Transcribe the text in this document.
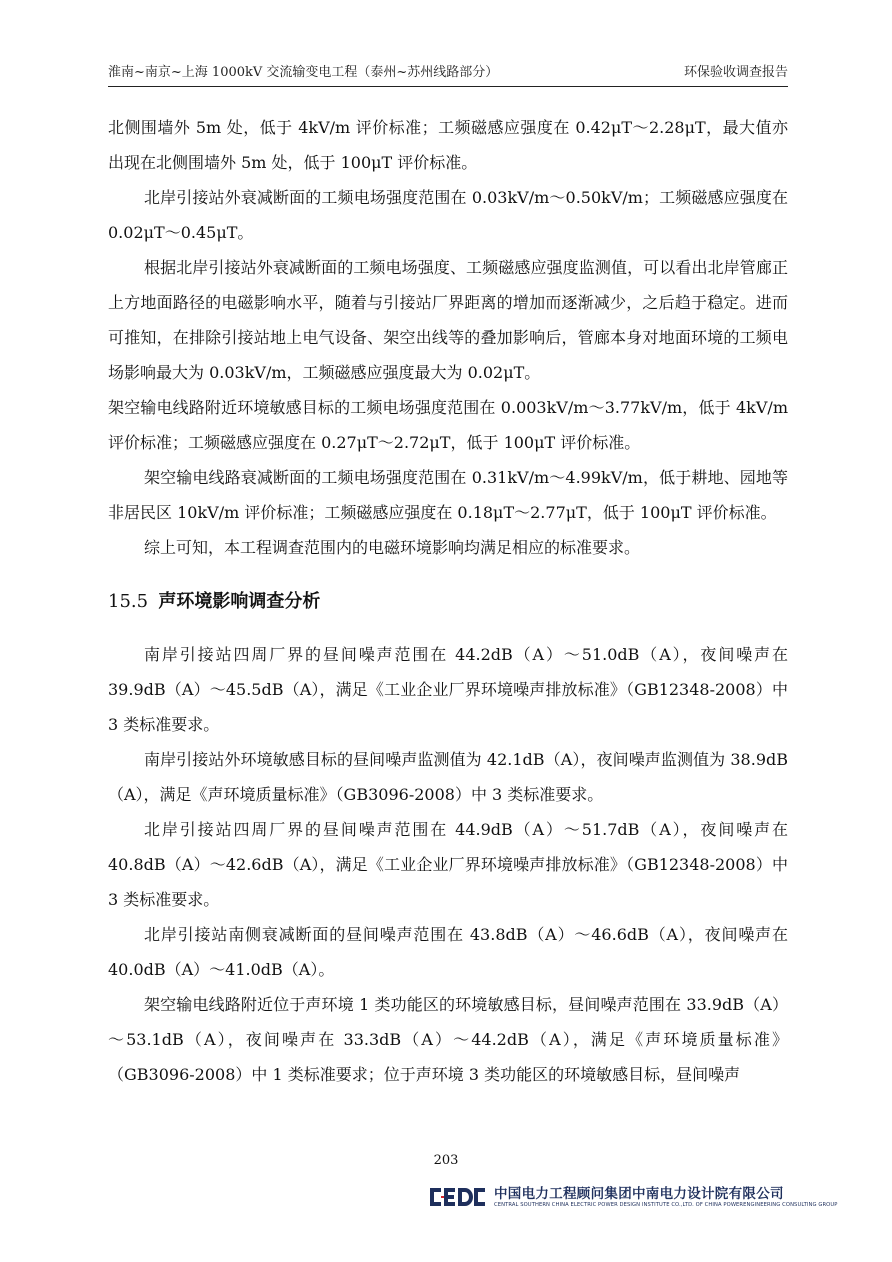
淮南~南京~上海 1000kV 交流输变电工程（泰州~苏州线路部分）	环保验收调查报告

北侧围墙外 5m 处，低于 4kV/m 评价标准；工频磁感应强度在 0.42μT～2.28μT，最大值亦出现在北侧围墙外 5m 处，低于 100μT 评价标准。

北岸引接站外衰减断面的工频电场强度范围在 0.03kV/m～0.50kV/m；工频磁感应强度在 0.02μT～0.45μT。

根据北岸引接站外衰减断面的工频电场强度、工频磁感应强度监测值，可以看出北岸管廊正上方地面路径的电磁影响水平，随着与引接站厂界距离的增加而逐渐减少，之后趋于稳定。进而可推知，在排除引接站地上电气设备、架空出线等的叠加影响后，管廊本身对地面环境的工频电场影响最大为 0.03kV/m，工频磁感应强度最大为 0.02μT。

架空输电线路附近环境敏感目标的工频电场强度范围在 0.003kV/m～3.77kV/m，低于 4kV/m 评价标准；工频磁感应强度在 0.27μT～2.72μT，低于 100μT 评价标准。

架空输电线路衰减断面的工频电场强度范围在 0.31kV/m～4.99kV/m，低于耕地、园地等非居民区 10kV/m 评价标准；工频磁感应强度在 0.18μT～2.77μT，低于 100μT 评价标准。

综上可知，本工程调查范围内的电磁环境影响均满足相应的标准要求。

15.5 声环境影响调查分析

南岸引接站四周厂界的昼间噪声范围在 44.2dB（A）～51.0dB（A），夜间噪声在 39.9dB（A）～45.5dB（A），满足《工业企业厂界环境噪声排放标准》（GB12348-2008）中 3 类标准要求。

南岸引接站外环境敏感目标的昼间噪声监测值为 42.1dB（A），夜间噪声监测值为 38.9dB（A），满足《声环境质量标准》（GB3096-2008）中 3 类标准要求。

北岸引接站四周厂界的昼间噪声范围在 44.9dB（A）～51.7dB（A），夜间噪声在 40.8dB（A）～42.6dB（A），满足《工业企业厂界环境噪声排放标准》（GB12348-2008）中 3 类标准要求。

北岸引接站南侧衰减断面的昼间噪声范围在 43.8dB（A）～46.6dB（A），夜间噪声在 40.0dB（A）～41.0dB（A）。

架空输电线路附近位于声环境 1 类功能区的环境敏感目标，昼间噪声范围在 33.9dB（A）～53.1dB（A），夜间噪声在 33.3dB（A）～44.2dB（A），满足《声环境质量标准》（GB3096-2008）中 1 类标准要求；位于声环境 3 类功能区的环境敏感目标，昼间噪声

203
中国电力工程顾问集团中南电力设计院有限公司
CENTRAL SOUTHERN CHINA ELECTRIC POWER DESIGN INSTITUTE CO.,LTD. OF CHINA POWERENGINEERING CONSULTING GROUP
